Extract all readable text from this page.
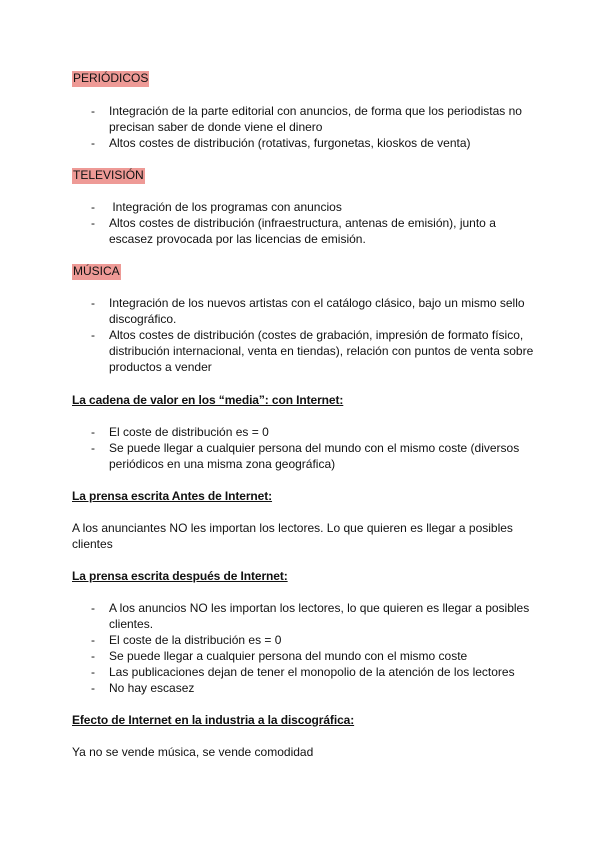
PERIÓDICOS
- Integración de la parte editorial con anuncios, de forma que los periodistas no precisan saber de donde viene el dinero
- Altos costes de distribución (rotativas, furgonetas, kioskos de venta)
TELEVISIÓN
-  Integración de los programas con anuncios
- Altos costes de distribución (infraestructura, antenas de emisión), junto a escasez provocada por las licencias de emisión.
MÚSICA
- Integración de los nuevos artistas con el catálogo clásico, bajo un mismo sello discográfico.
- Altos costes de distribución (costes de grabación, impresión de formato físico, distribución internacional, venta en tiendas), relación con puntos de venta sobre productos a vender
La cadena de valor en los “media”: con Internet:
- El coste de distribución es = 0
- Se puede llegar a cualquier persona del mundo con el mismo coste (diversos periódicos en una misma zona geográfica)
La prensa escrita Antes de Internet:
A los anunciantes NO les importan los lectores. Lo que quieren es llegar a posibles clientes
La prensa escrita después de Internet:
- A los anuncios NO les importan los lectores, lo que quieren es llegar a posibles clientes.
- El coste de la distribución es = 0
- Se puede llegar a cualquier persona del mundo con el mismo coste
- Las publicaciones dejan de tener el monopolio de la atención de los lectores
- No hay escasez
Efecto de Internet en la industria a la discográfica:
Ya no se vende música, se vende comodidad
